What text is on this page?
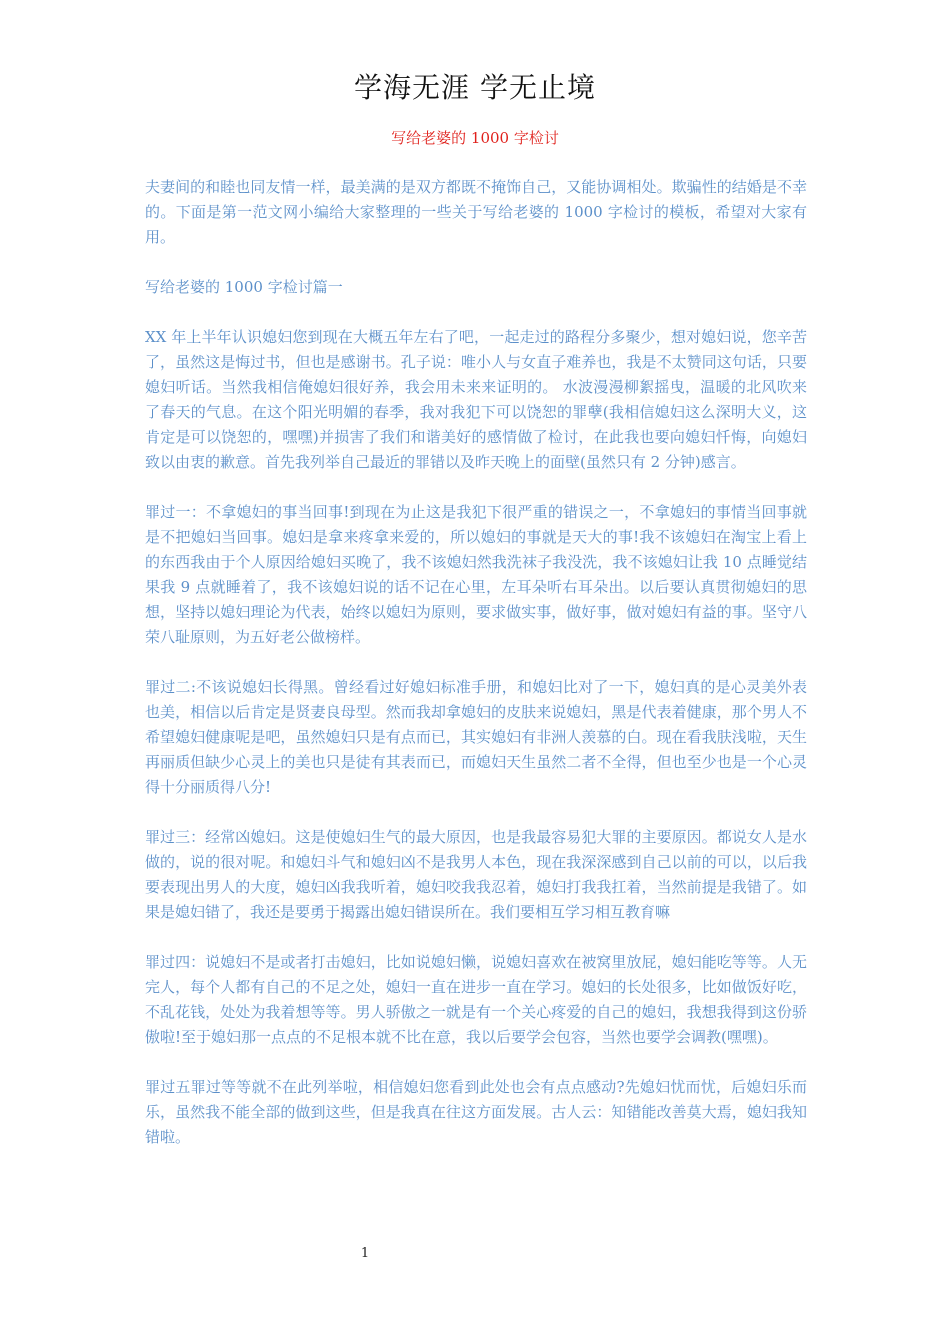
学海无涯 学无止境
写给老婆的 1000 字检讨

夫妻间的和睦也同友情一样，最美满的是双方都既不掩饰自己，又能协调相处。欺骗性的结婚是不幸的。下面是第一范文网小编给大家整理的一些关于写给老婆的 1000 字检讨的模板，希望对大家有用。

写给老婆的 1000 字检讨篇一

XX 年上半年认识媳妇您到现在大概五年左右了吧，一起走过的路程分多聚少，想对媳妇说，您辛苦了，虽然这是悔过书，但也是感谢书。孔子说：唯小人与女直子难养也，我是不太赞同这句话，只要媳妇听话。当然我相信俺媳妇很好养，我会用未来来证明的。 水波漫漫柳絮摇曳，温暖的北风吹来了春天的气息。在这个阳光明媚的春季，我对我犯下可以饶恕的罪孽(我相信媳妇这么深明大义，这肯定是可以饶恕的，嘿嘿)并损害了我们和谐美好的感情做了检讨，在此我也要向媳妇忏悔，向媳妇致以由衷的歉意。首先我列举自己最近的罪错以及昨天晚上的面壁(虽然只有 2 分钟)感言。

罪过一：不拿媳妇的事当回事!到现在为止这是我犯下很严重的错误之一，不拿媳妇的事情当回事就是不把媳妇当回事。媳妇是拿来疼拿来爱的，所以媳妇的事就是天大的事!我不该媳妇在淘宝上看上的东西我由于个人原因给媳妇买晚了，我不该媳妇然我洗袜子我没洗，我不该媳妇让我 10 点睡觉结果我 9 点就睡着了，我不该媳妇说的话不记在心里，左耳朵听右耳朵出。以后要认真贯彻媳妇的思想，坚持以媳妇理论为代表，始终以媳妇为原则，要求做实事，做好事，做对媳妇有益的事。坚守八荣八耻原则，为五好老公做榜样。

罪过二:不该说媳妇长得黑。曾经看过好媳妇标准手册，和媳妇比对了一下，媳妇真的是心灵美外表也美，相信以后肯定是贤妻良母型。然而我却拿媳妇的皮肤来说媳妇，黑是代表着健康，那个男人不希望媳妇健康呢是吧，虽然媳妇只是有点而已，其实媳妇有非洲人羡慕的白。现在看我肤浅啦，天生再丽质但缺少心灵上的美也只是徒有其表而已，而媳妇天生虽然二者不全得，但也至少也是一个心灵得十分丽质得八分!

罪过三：经常凶媳妇。这是使媳妇生气的最大原因，也是我最容易犯大罪的主要原因。都说女人是水做的，说的很对呢。和媳妇斗气和媳妇凶不是我男人本色，现在我深深感到自己以前的可以，以后我要表现出男人的大度，媳妇凶我我听着，媳妇咬我我忍着，媳妇打我我扛着，当然前提是我错了。如果是媳妇错了，我还是要勇于揭露出媳妇错误所在。我们要相互学习相互教育嘛

罪过四：说媳妇不是或者打击媳妇，比如说媳妇懒，说媳妇喜欢在被窝里放屁，媳妇能吃等等。人无完人，每个人都有自己的不足之处，媳妇一直在进步一直在学习。媳妇的长处很多，比如做饭好吃，不乱花钱，处处为我着想等等。男人骄傲之一就是有一个关心疼爱的自己的媳妇，我想我得到这份骄傲啦!至于媳妇那一点点的不足根本就不比在意，我以后要学会包容，当然也要学会调教(嘿嘿)。

罪过五罪过等等就不在此列举啦，相信媳妇您看到此处也会有点点感动?先媳妇忧而忧，后媳妇乐而乐，虽然我不能全部的做到这些，但是我真在往这方面发展。古人云：知错能改善莫大焉，媳妇我知错啦。

1
